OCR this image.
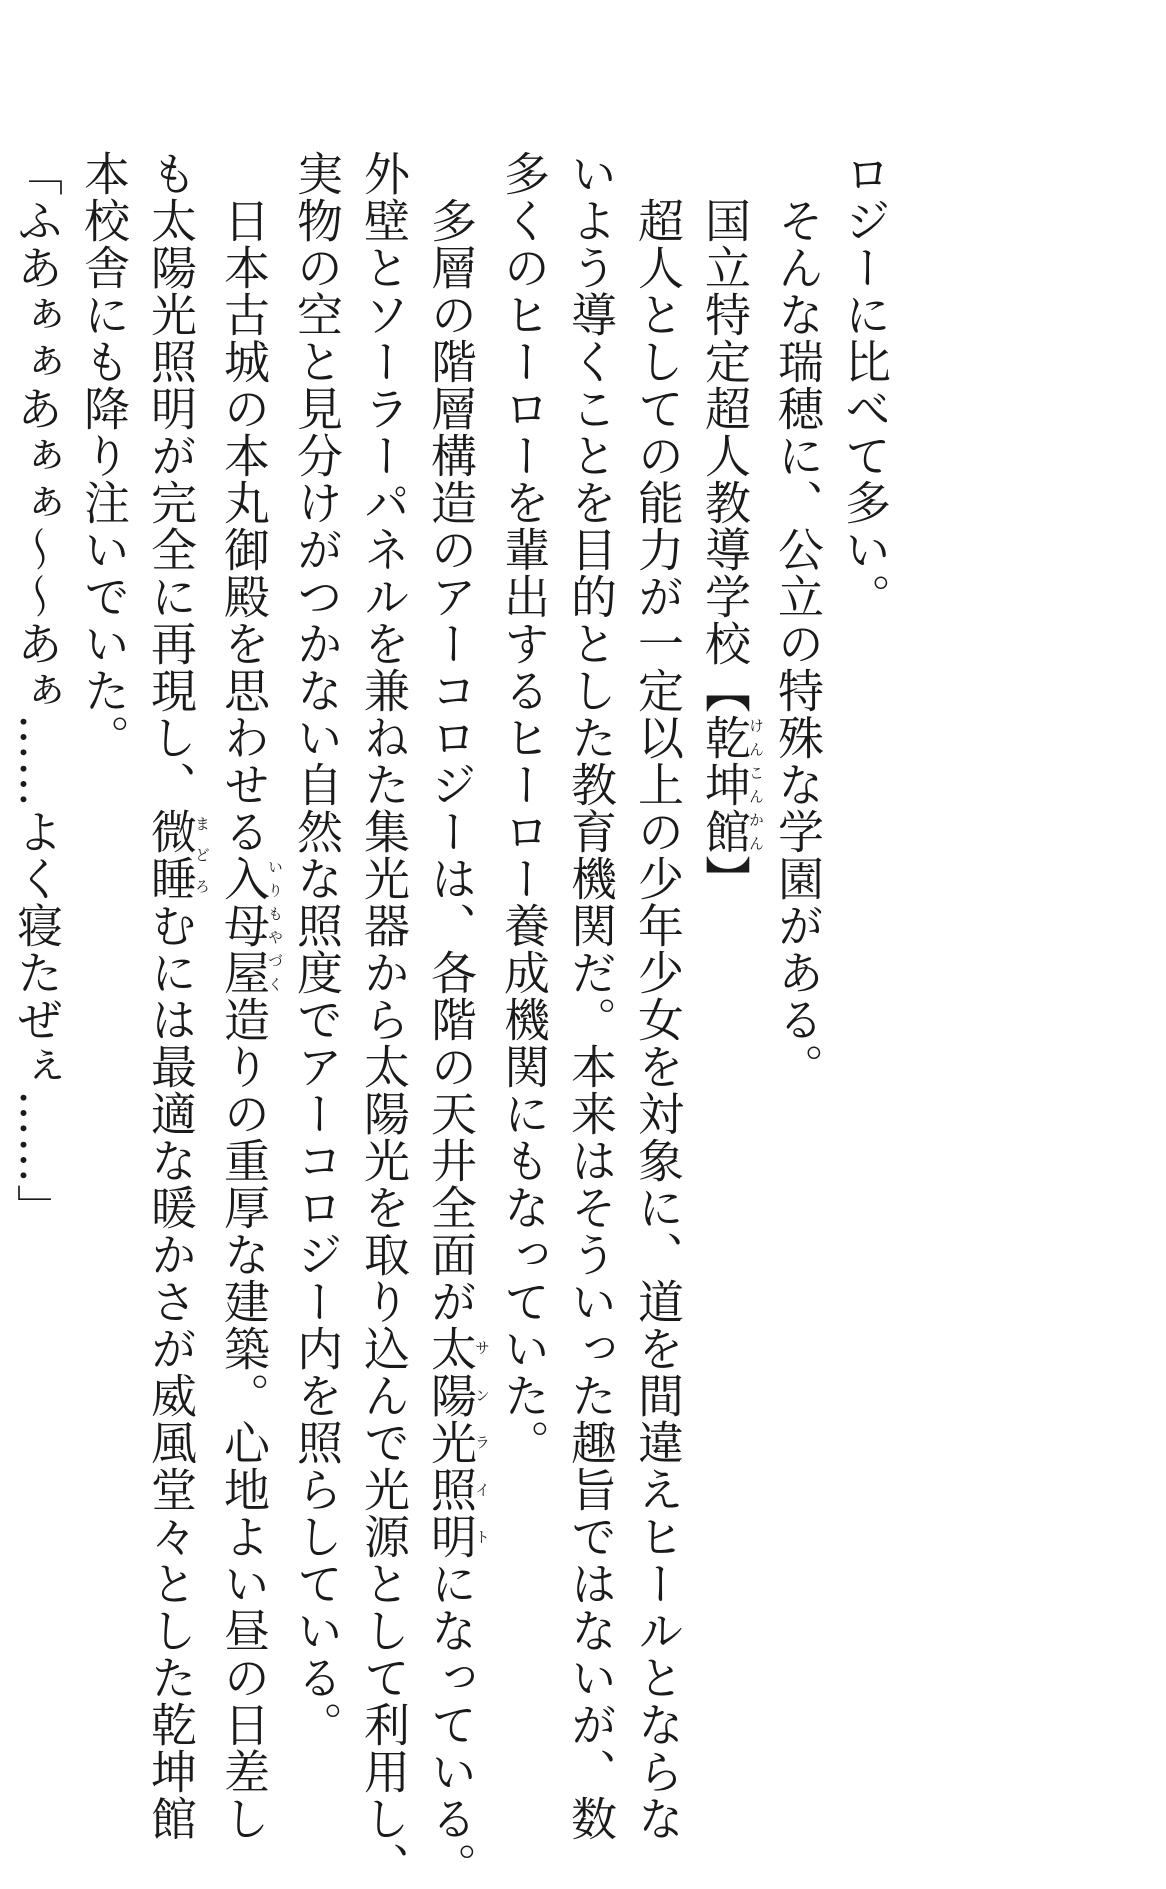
ロジーに比べて多い。
　そんな瑞穂に、公立の特殊な学園がある。
　国立特定超人教導学校【乾坤館けんこんかん】
　超人としての能力が一定以上の少年少女を対象に、道を間違えヒールとならな
いよう導くことを目的とした教育機関だ。本来はそういった趣旨ではないが、数
多くのヒーローを輩出するヒーロー養成機関にもなっていた。
　多層の階層構造のアーコロジーは、各階の天井全面が太陽光照明サンライトになっている。
外壁とソーラーパネルを兼ねた集光器から太陽光を取り込んで光源として利用し、
実物の空と見分けがつかない自然な照度でアーコロジー内を照らしている。
　日本古城の本丸御殿を思わせる入母屋いりもやづく造りの重厚な建築。心地よい昼の日差し
も太陽光照明が完全に再現し、微睡まどろむには最適な暖かさが威風堂々とした乾坤館
本校舎にも降り注いでいた。
「ふあぁぁあぁぁ〜〜あぁ……よく寝たぜぇ……」
